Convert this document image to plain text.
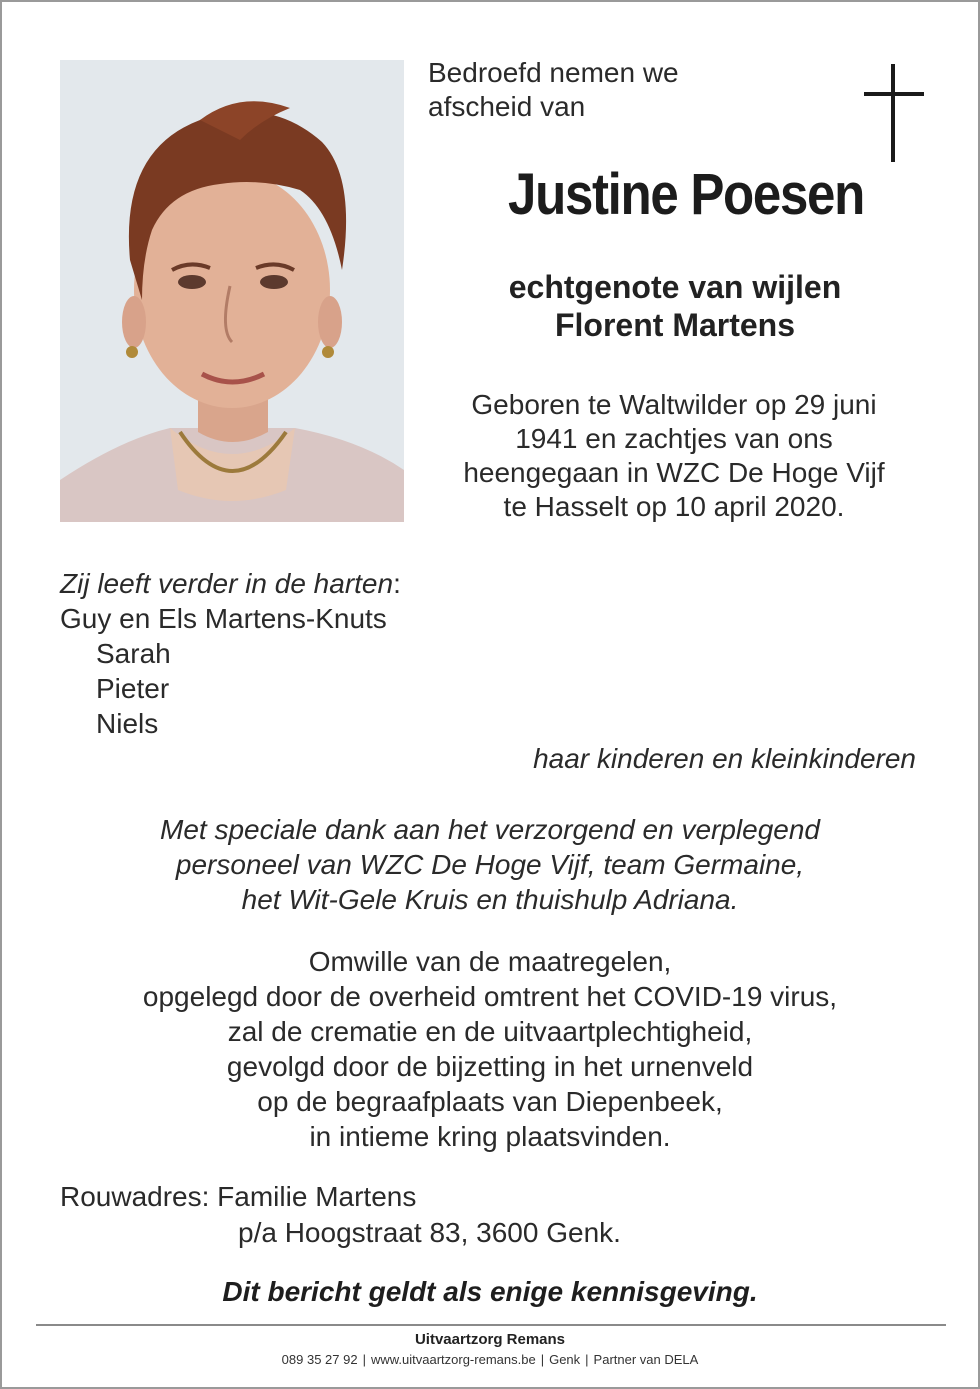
Bedroefd nemen we
afscheid van
Justine Poesen
echtgenote van wijlen
Florent Martens
Geboren te Waltwilder op 29 juni
1941 en zachtjes van ons
heengegaan in WZC De Hoge Vijf
te Hasselt op 10 april 2020.
Zij leeft verder in de harten:
Guy en Els Martens-Knuts
Sarah
Pieter
Niels
haar kinderen en kleinkinderen
Met speciale dank aan het verzorgend en verplegend
personeel van WZC De Hoge Vijf, team Germaine,
het Wit-Gele Kruis en thuishulp Adriana.
Omwille van de maatregelen,
opgelegd door de overheid omtrent het COVID-19 virus,
zal de crematie en de uitvaartplechtigheid,
gevolgd door de bijzetting in het urnenveld
op de begraafplaats van Diepenbeek,
in intieme kring plaatsvinden.
Rouwadres: Familie Martens
p/a Hoogstraat 83, 3600 Genk.
Dit bericht geldt als enige kennisgeving.
Uitvaartzorg Remans
089 35 27 92 | www.uitvaartzorg-remans.be | Genk | Partner van DELA
